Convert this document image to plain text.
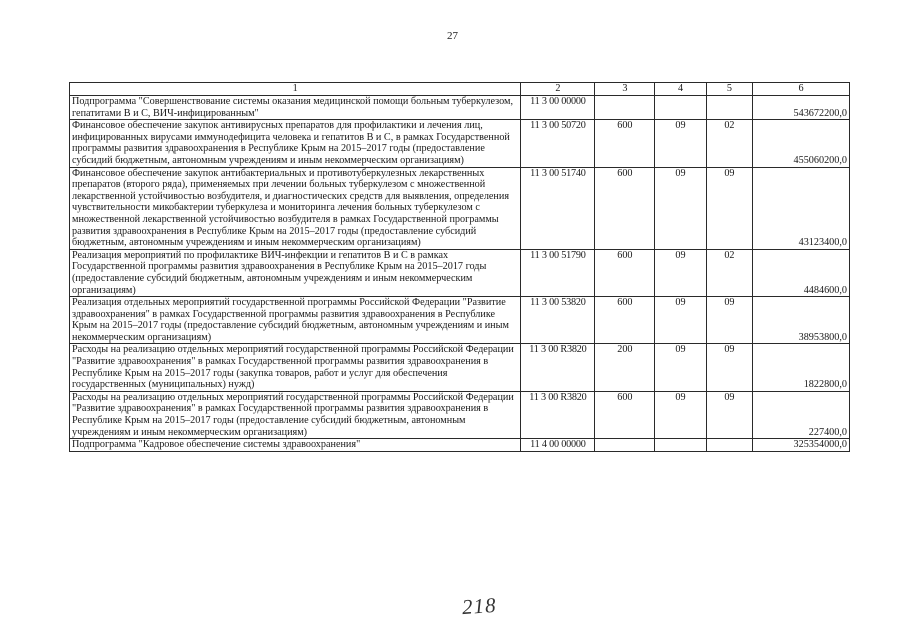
27
1	2	3	4	5	6
Подпрограмма "Совершенствование системы оказания медицинской помощи больным туберкулезом, гепатитами В и С, ВИЧ-инфицированным"	11 3 00 00000				543672200,0
Финансовое обеспечение закупок антивирусных препаратов для профилактики и лечения лиц, инфицированных вирусами иммунодефицита человека и гепатитов В и С, в рамках Государственной программы развития здравоохранения в Республике Крым на 2015–2017 годы (предоставление субсидий бюджетным, автономным учреждениям и иным некоммерческим организациям)	11 3 00 50720	600	09	02	455060200,0
Финансовое обеспечение закупок антибактериальных и противотуберкулезных лекарственных препаратов (второго ряда), применяемых при лечении больных туберкулезом с множественной лекарственной устойчивостью возбудителя, и диагностических средств для выявления, определения чувствительности микобактерии туберкулеза и мониторинга лечения больных туберкулезом с множественной лекарственной устойчивостью возбудителя в рамках Государственной программы развития здравоохранения в Республике Крым на 2015–2017 годы (предоставление субсидий бюджетным, автономным учреждениям и иным некоммерческим организациям)	11 3 00 51740	600	09	09	43123400,0
Реализация мероприятий по профилактике ВИЧ-инфекции и гепатитов В и С в рамках Государственной программы развития здравоохранения в Республике Крым на 2015–2017 годы (предоставление субсидий бюджетным, автономным учреждениям и иным некоммерческим организациям)	11 3 00 51790	600	09	02	4484600,0
Реализация отдельных мероприятий государственной программы Российской Федерации "Развитие здравоохранения" в рамках Государственной программы развития здравоохранения в Республике Крым на 2015–2017 годы (предоставление субсидий бюджетным, автономным учреждениям и иным некоммерческим организациям)	11 3 00 53820	600	09	09	38953800,0
Расходы на реализацию отдельных мероприятий государственной программы Российской Федерации "Развитие здравоохранения" в рамках Государственной программы развития здравоохранения в Республике Крым на 2015–2017 годы (закупка товаров, работ и услуг для обеспечения государственных (муниципальных) нужд)	11 3 00 R3820	200	09	09	1822800,0
Расходы на реализацию отдельных мероприятий государственной программы Российской Федерации "Развитие здравоохранения" в рамках Государственной программы развития здравоохранения в Республике Крым на 2015–2017 годы (предоставление субсидий бюджетным, автономным учреждениям и иным некоммерческим организациям)	11 3 00 R3820	600	09	09	227400,0
Подпрограмма "Кадровое обеспечение системы здравоохранения"	11 4 00 00000				325354000,0
218
